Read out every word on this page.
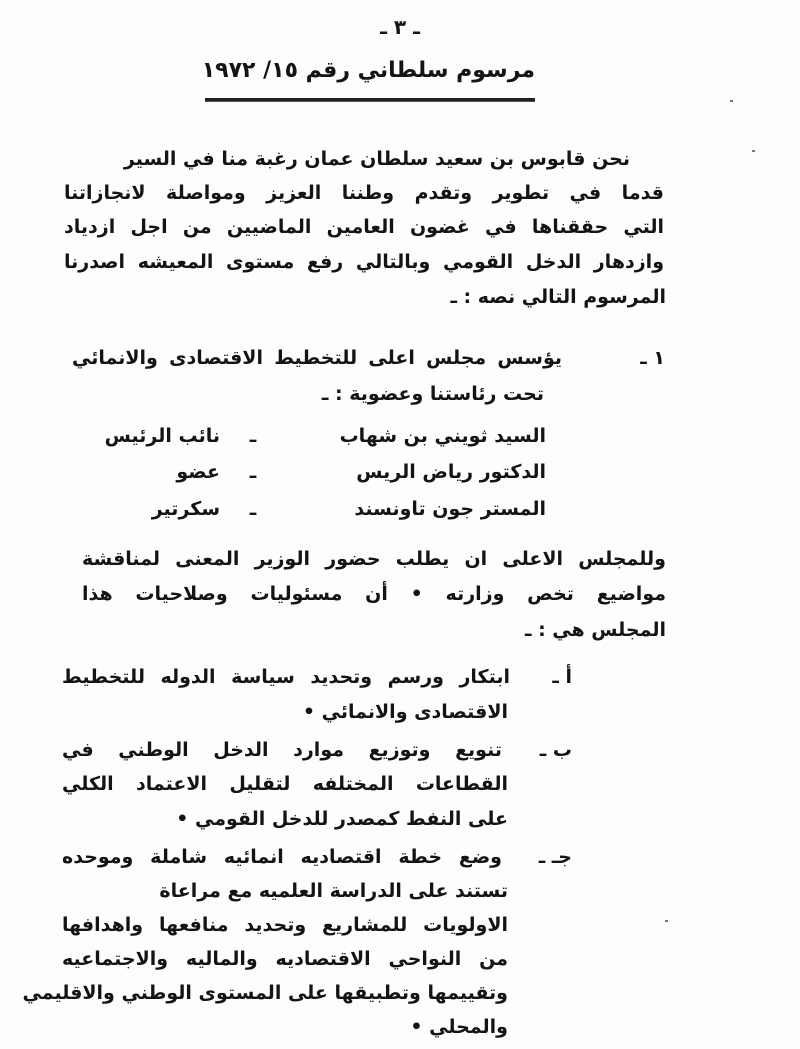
ـ ٣ ـ
مرسوم سلطاني رقم ١٥/ ١٩٧٢
نحن قابوس بن سعيد سلطان عمان رغبة منا في السير
قدما في تطوير وتقدم وطننا العزيز ومواصلة لانجازاتنا
التي حققناها في غضون العامين الماضيين من اجل ازدياد
وازدهار الدخل القومي وبالتالي رفع مستوى المعيشه اصدرنا
المرسوم التالي نصه : ـ
١ ـ
يؤسس مجلس اعلى للتخطيط الاقتصادى والانمائي
تحت رئاستنا وعضوية : ـ
السيد ثويني بن شهاب
ـ
نائب الرئيس
الدكتور رياض الريس
ـ
عضو
المستر جون تاونسند
ـ
سكرتير
وللمجلس الاعلى ان يطلب حضور الوزير المعنى لمناقشة
مواضيع تخص وزارته • أن مسئوليات وصلاحيات هذا
المجلس هي : ـ
أ ـ
ابتكار ورسم وتحديد سياسة الدوله للتخطيط
الاقتصادى والانمائي •
ب ـ
تنويع وتوزيع موارد الدخل الوطني في
القطاعات المختلفه لتقليل الاعتماد الكلي
على النفط كمصدر للدخل القومي •
جـ ـ
وضع خطة اقتصاديه انمائيه شاملة وموحده
تستند على الدراسة العلميه مع مراعاة
الاولويات للمشاريع وتحديد منافعها واهدافها
من النواحي الاقتصاديه والماليه والاجتماعيه
وتقييمها وتطبيقها على المستوى الوطني والاقليمي
والمحلي •
